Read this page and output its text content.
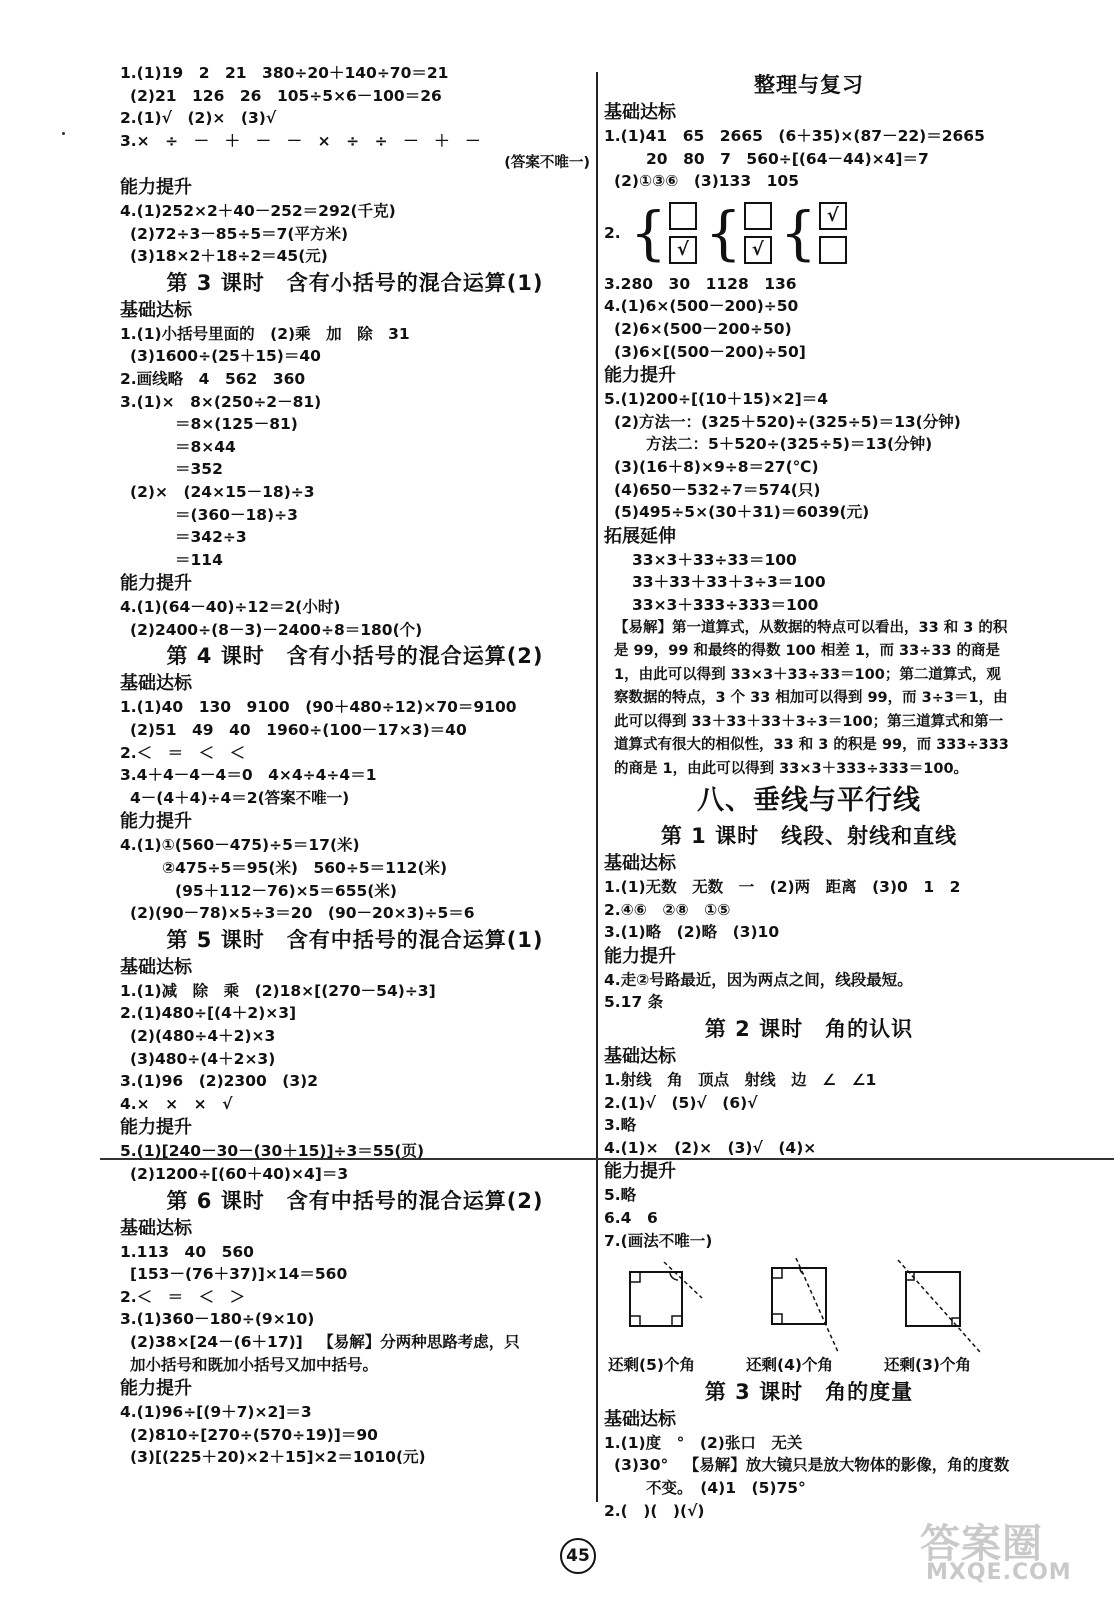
1.(1)19　2　21　380÷20＋140÷70＝21
(2)21　126　26　105÷5×6－100＝26
2.(1)√　(2)×　(3)√
3.×　÷　－　＋　－　－　×　÷　÷　－　＋　－
(答案不唯一)
能力提升
4.(1)252×2＋40－252＝292(千克)
(2)72÷3－85÷5＝7(平方米)
(3)18×2＋18÷2＝45(元)
第 3 课时　含有小括号的混合运算(1)
基础达标
1.(1)小括号里面的　(2)乘　加　除　31
(3)1600÷(25＋15)＝40
2.画线略　4　562　360
3.(1)×　8×(250÷2－81)
＝8×(125－81)
＝8×44
＝352
(2)×　(24×15－18)÷3
＝(360－18)÷3
＝342÷3
＝114
能力提升
4.(1)(64－40)÷12＝2(小时)
(2)2400÷(8－3)－2400÷8＝180(个)
第 4 课时　含有小括号的混合运算(2)
基础达标
1.(1)40　130　9100　(90＋480÷12)×70＝9100
(2)51　49　40　1960÷(100－17×3)＝40
2.＜　＝　＜　＜
3.4＋4－4－4＝0　4×4÷4÷4＝1
4－(4＋4)÷4＝2(答案不唯一)
能力提升
4.(1)①(560－475)÷5＝17(米)
②475÷5＝95(米)　560÷5＝112(米)
(95＋112－76)×5＝655(米)
(2)(90－78)×5÷3＝20　(90－20×3)÷5＝6
第 5 课时　含有中括号的混合运算(1)
基础达标
1.(1)减　除　乘　(2)18×[(270－54)÷3]
2.(1)480÷[(4＋2)×3]
(2)(480÷4＋2)×3
(3)480÷(4＋2×3)
3.(1)96　(2)2300　(3)2
4.×　×　×　√
能力提升
5.(1)[240－30－(30＋15)]÷3＝55(页)
(2)1200÷[(60＋40)×4]＝3
第 6 课时　含有中括号的混合运算(2)
基础达标
1.113　40　560
[153－(76＋37)]×14＝560
2.＜　＝　＜　＞
3.(1)360－180÷(9×10)
(2)38×[24－(6＋17)]　【易解】分两种思路考虑，只
加小括号和既加小括号又加中括号。
能力提升
4.(1)96÷[(9＋7)×2]＝3
(2)810÷[270÷(570÷19)]＝90
(3)[(225＋20)×2＋15]×2＝1010(元)
整理与复习
基础达标
1.(1)41　65　2665　(6＋35)×(87－22)＝2665
20　80　7　560÷[(64－44)×4]＝7
(2)①③⑥　(3)133　105
2. { √ { √ { √
3.280　30　1128　136
4.(1)6×(500－200)÷50
(2)6×(500－200÷50)
(3)6×[(500－200)÷50]
能力提升
5.(1)200÷[(10＋15)×2]＝4
(2)方法一：(325＋520)÷(325÷5)＝13(分钟)
方法二：5＋520÷(325÷5)＝13(分钟)
(3)(16＋8)×9÷8＝27(℃)
(4)650－532÷7＝574(只)
(5)495÷5×(30＋31)＝6039(元)
拓展延伸
33×3＋33÷33＝100
33＋33＋33＋3÷3＝100
33×3＋333÷333＝100
【易解】第一道算式，从数据的特点可以看出，33 和 3 的积是 99，99 和最终的得数 100 相差 1，而 33÷33 的商是 1，由此可以得到 33×3＋33÷33＝100；第二道算式，观察数据的特点，3 个 33 相加可以得到 99，而 3÷3＝1，由此可以得到 33＋33＋33＋3÷3＝100；第三道算式和第一道算式有很大的相似性，33 和 3 的积是 99，而 333÷333 的商是 1，由此可以得到 33×3＋333÷333＝100。
八、垂线与平行线
第 1 课时　线段、射线和直线
基础达标
1.(1)无数　无数　一　(2)两　距离　(3)0　1　2
2.④⑥　②⑧　①⑤
3.(1)略　(2)略　(3)10
能力提升
4.走②号路最近，因为两点之间，线段最短。
5.17 条
第 2 课时　角的认识
基础达标
1.射线　角　顶点　射线　边　∠　∠1
2.(1)√　(5)√　(6)√
3.略
4.(1)×　(2)×　(3)√　(4)×
能力提升
5.略
6.4　6
7.(画法不唯一)
还剩(5)个角	还剩(4)个角	还剩(3)个角
第 3 课时　角的度量
基础达标
1.(1)度　°　(2)张口　无关
(3)30°　【易解】放大镜只是放大物体的影像，角的度数
不变。　(4)1　(5)75°
2.(　)(　)(√)
45	答案圈
MXQE.COM
